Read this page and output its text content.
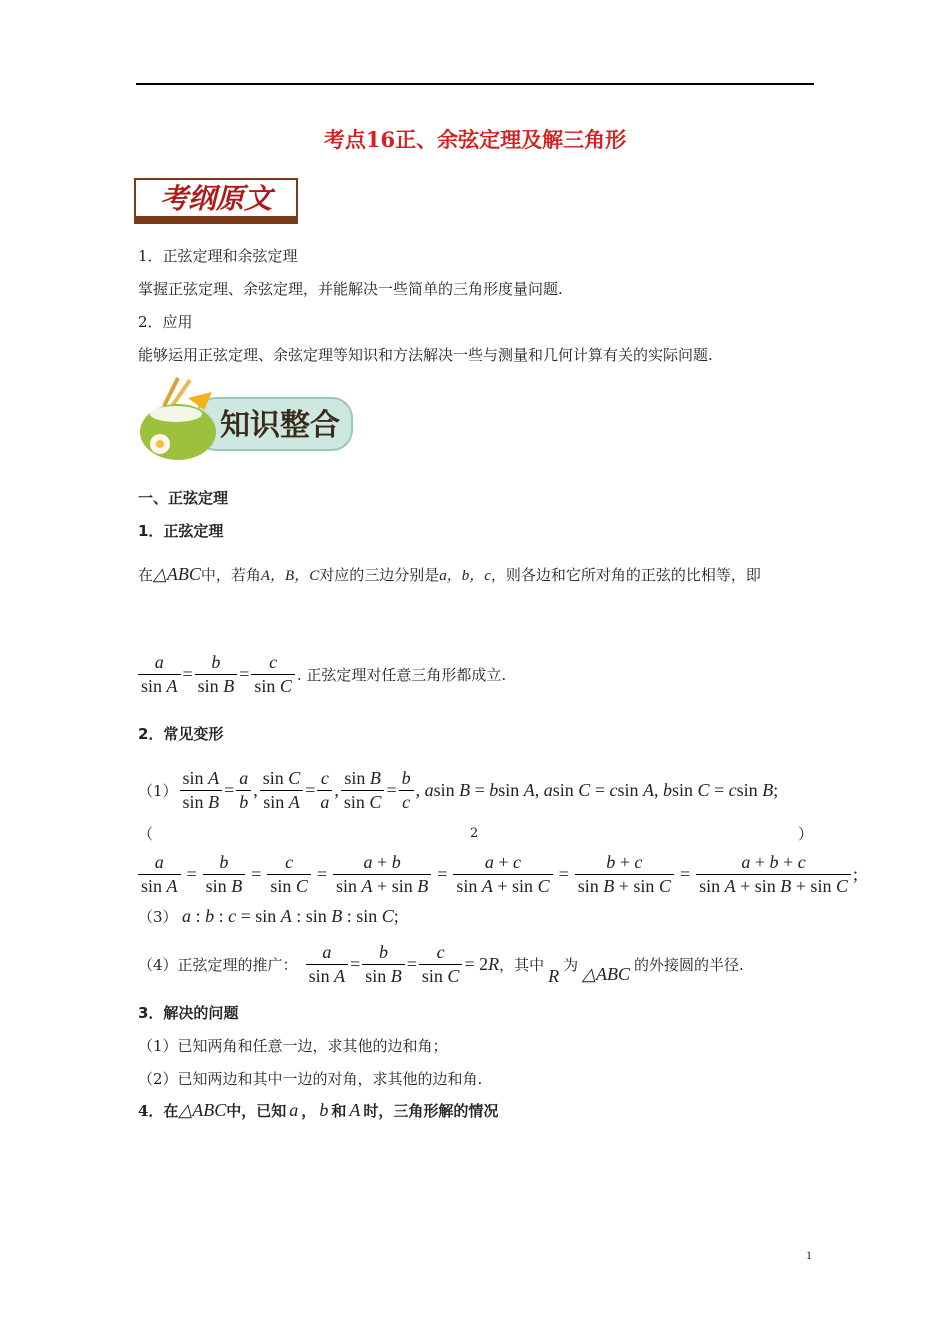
考点16正、余弦定理及解三角形
考纲原文
1．正弦定理和余弦定理
掌握正弦定理、余弦定理，并能解决一些简单的三角形度量问题.
2．应用
能够运用正弦定理、余弦定理等知识和方法解决一些与测量和几何计算有关的实际问题.
知识整合
一、正弦定理
1．正弦定理
在 △ABC 中，若角 A，B，C 对应的三边分别是 a，b，c ，则各边和它所对角的正弦的比相等，即
$\frac{a}{\text{sin A}} = \frac{b}{\text{sin B}} = \frac{c}{\text{sin C}}$ . 正弦定理对任意三角形都成立.
2．常见变形
$(1) \frac{\text{sin A}}{\text{sin B}} = \frac{a}{b}$ , $\frac{\text{sin C}}{\text{sin A}} = \frac{c}{a}$ , $\frac{\text{sin B}}{\text{sin C}} = \frac{b}{c}$ , asin B = bsin A, asin C = csin A, bsin C = csin B;
（	2	）
$\frac{a}{\text{sin A}} = \frac{b}{\text{sin B}} = \frac{c}{\text{sin C}} = \frac{a + b}{\text{sin A + sin B}} = \frac{a + c}{\text{sin A + sin C}} = \frac{b + c}{\text{sin B + sin C}} = \frac{a + b + c}{\text{sin A + sin B + sin C}}$ ;
（3） a : b : c = sin A : sin B : sin C;
（4） 正弦定理的推广： $\frac{a}{\text{sin A}} = \frac{b}{\text{sin B}} = \frac{c}{\text{sin C}} = 2R$ ，其中
R
为 △ABC 的外接圆的半径.
3．解决的问题
（1）已知两角和任意一边，求其他的边和角；
（2）已知两边和其中一边的对角，求其他的边和角.
4．在 △ABC 中，已知 a ， b 和 A 时，三角形解的情况
1
